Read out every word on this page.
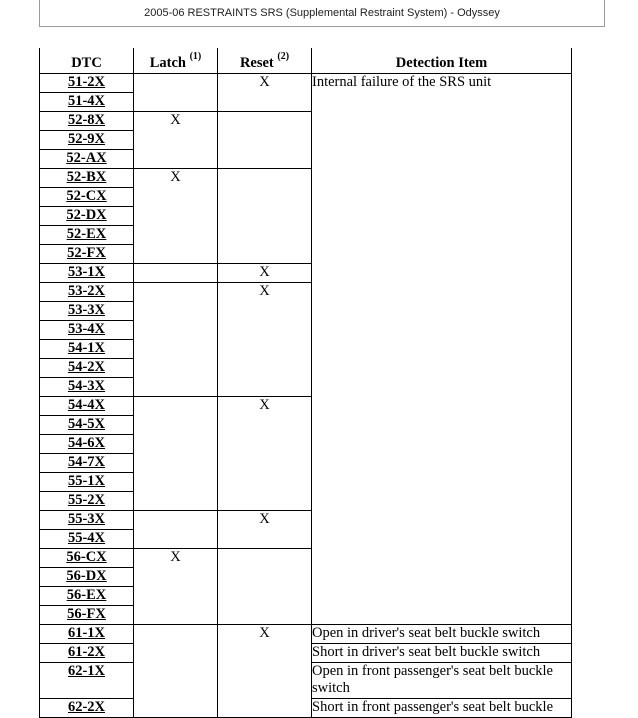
2005-06 RESTRAINTS SRS (Supplemental Restraint System) - Odyssey
DTC	Latch $^{(1)}$	Reset $^{(2)}$	Detection Item
51-2X		X	Internal failure of the SRS unit
51-4X			
52-8X	X		
52-9X			
52-AX			
52-BX	X		
52-CX			
52-DX			
52-EX			
52-FX			
53-1X		X	
53-2X		X	
53-3X			
53-4X			
54-1X			
54-2X			
54-3X			
54-4X		X	
54-5X			
54-6X			
54-7X			
55-1X			
55-2X			
55-3X		X	
55-4X			
56-CX	X		
56-DX			
56-EX			
56-FX			
61-1X		X	Open in driver's seat belt buckle switch
61-2X			Short in driver's seat belt buckle switch
62-1X			Open in front passenger's seat belt buckle switch
62-2X			Short in front passenger's seat belt buckle
